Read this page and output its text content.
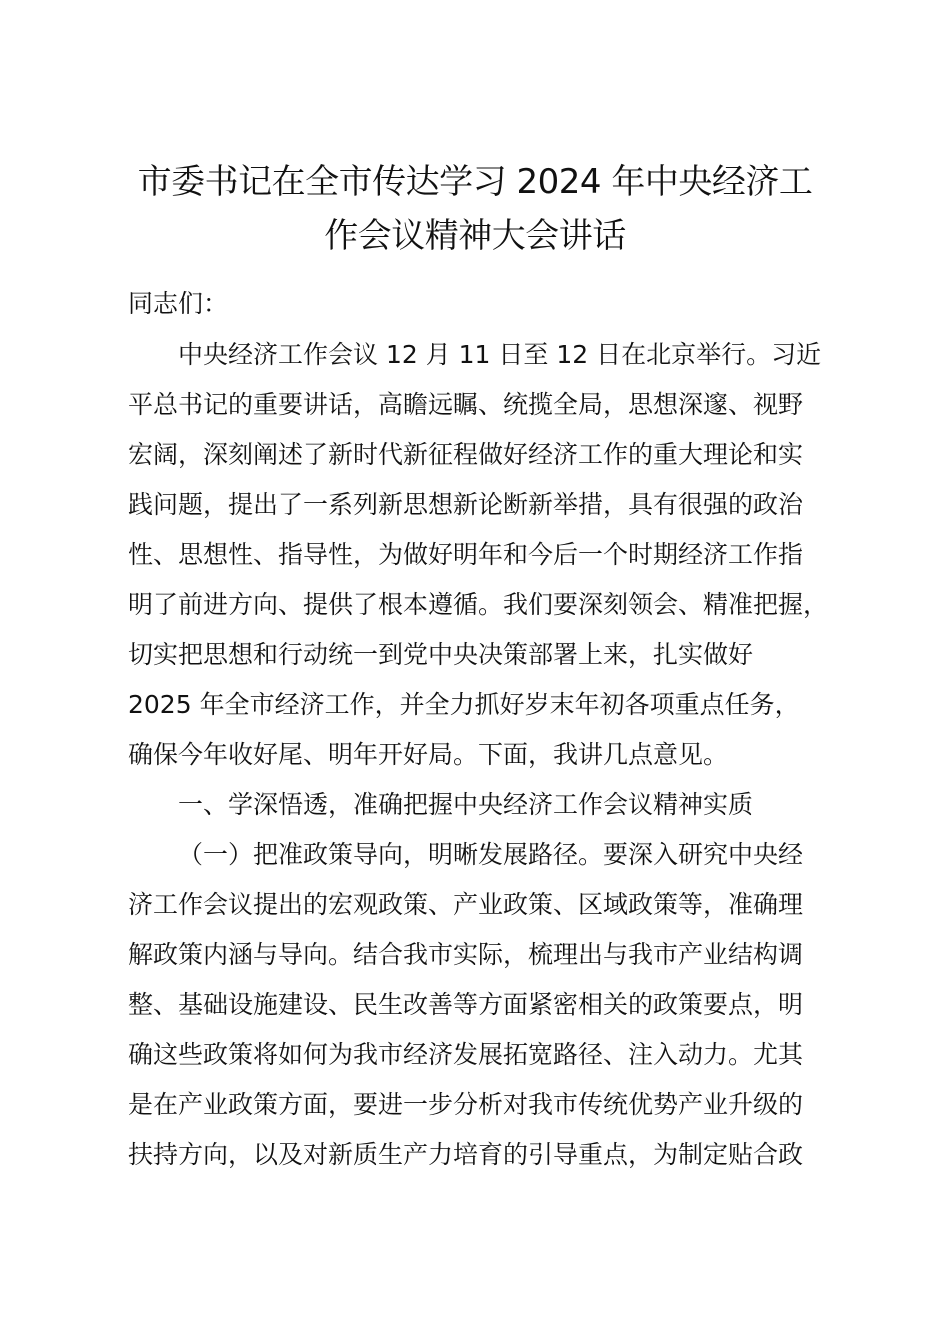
市委书记在全市传达学习 2024 年中央经济工
作会议精神大会讲话
同志们：
中央经济工作会议 12 月 11 日至 12 日在北京举行。习近
平总书记的重要讲话，高瞻远瞩、统揽全局，思想深邃、视野
宏阔，深刻阐述了新时代新征程做好经济工作的重大理论和实
践问题，提出了一系列新思想新论断新举措，具有很强的政治
性、思想性、指导性，为做好明年和今后一个时期经济工作指
明了前进方向、提供了根本遵循。我们要深刻领会、精准把握，
切实把思想和行动统一到党中央决策部署上来，扎实做好
2025 年全市经济工作，并全力抓好岁末年初各项重点任务，
确保今年收好尾、明年开好局。下面，我讲几点意见。
一、学深悟透，准确把握中央经济工作会议精神实质
（一）把准政策导向，明晰发展路径。要深入研究中央经
济工作会议提出的宏观政策、产业政策、区域政策等，准确理
解政策内涵与导向。结合我市实际，梳理出与我市产业结构调
整、基础设施建设、民生改善等方面紧密相关的政策要点，明
确这些政策将如何为我市经济发展拓宽路径、注入动力。尤其
是在产业政策方面，要进一步分析对我市传统优势产业升级的
扶持方向，以及对新质生产力培育的引导重点，为制定贴合政
